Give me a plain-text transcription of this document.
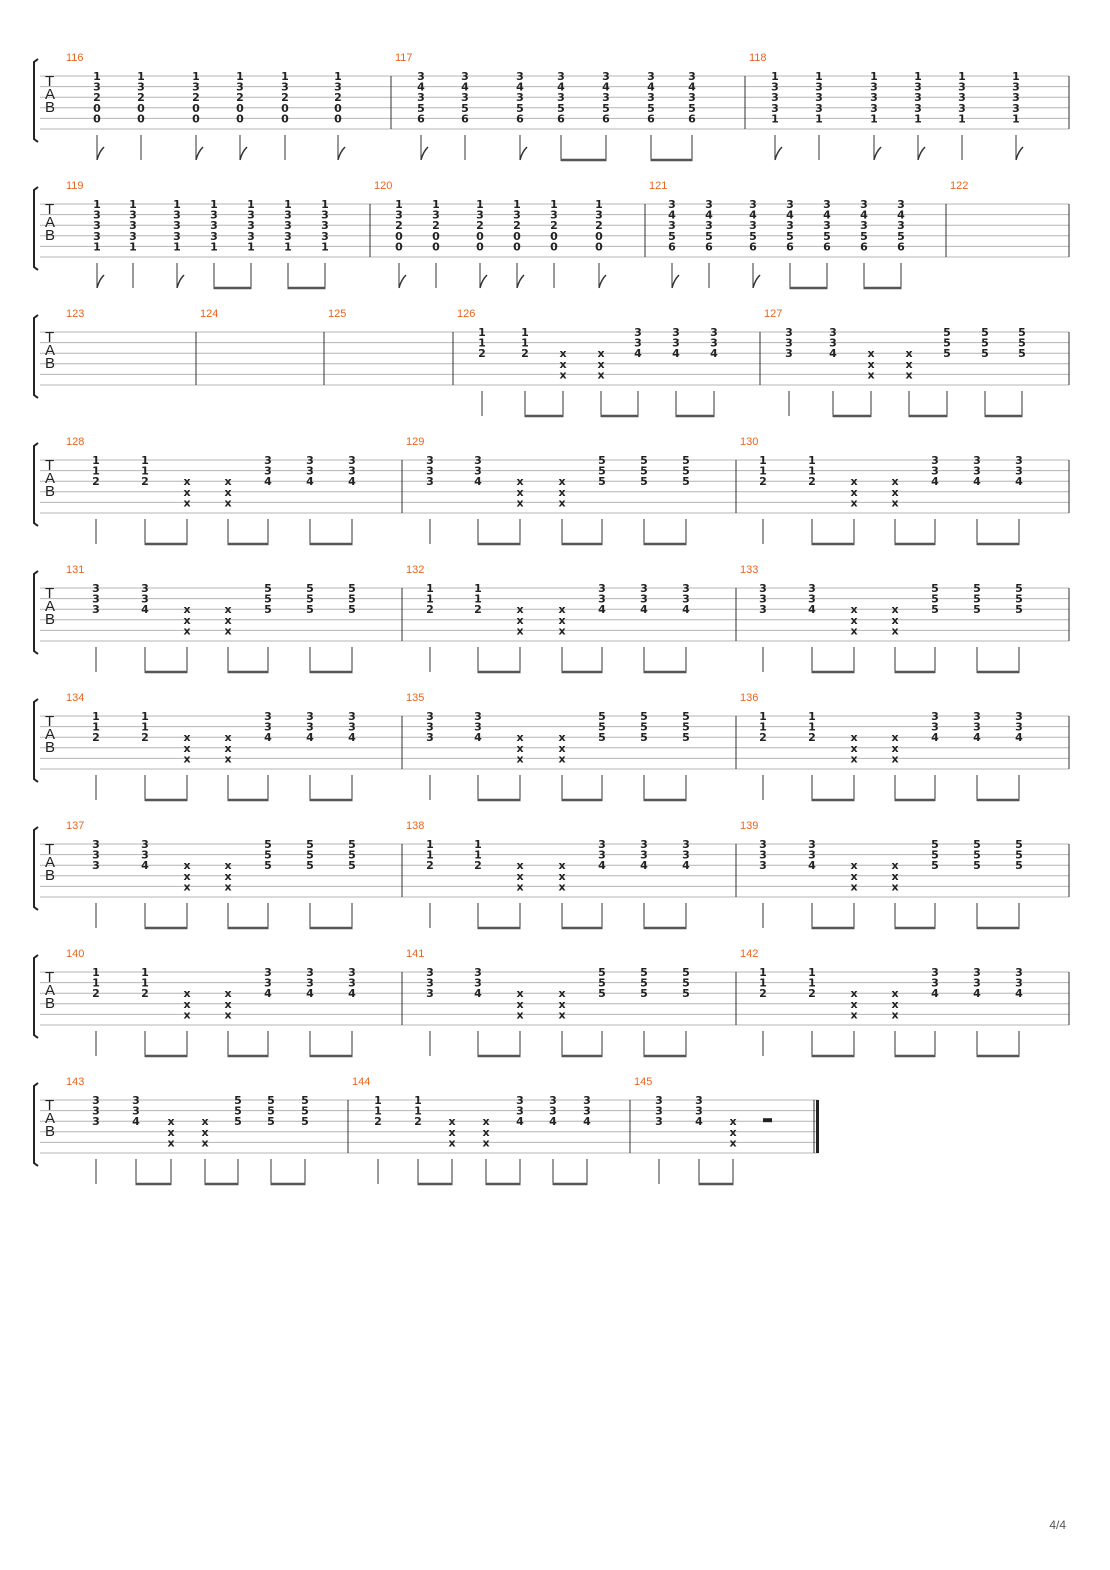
T
A
B
116
1
3
2
0
0
1
3
2
0
0
1
3
2
0
0
1
3
2
0
0
1
3
2
0
0
1
3
2
0
0
117
3
4
3
5
6
3
4
3
5
6
3
4
3
5
6
3
4
3
5
6
3
4
3
5
6
3
4
3
5
6
3
4
3
5
6
118
1
3
3
3
1
1
3
3
3
1
1
3
3
3
1
1
3
3
3
1
1
3
3
3
1
1
3
3
3
1
T
A
B
119
1
3
3
3
1
1
3
3
3
1
1
3
3
3
1
1
3
3
3
1
1
3
3
3
1
1
3
3
3
1
1
3
3
3
1
120
1
3
2
0
0
1
3
2
0
0
1
3
2
0
0
1
3
2
0
0
1
3
2
0
0
1
3
2
0
0
121
3
4
3
5
6
3
4
3
5
6
3
4
3
5
6
3
4
3
5
6
3
4
3
5
6
3
4
3
5
6
3
4
3
5
6
122
T
A
B
123	124	125	126
1
1
2
1
1
2	x
x
x
x
x
x
3
3
4
3
3
4
3
3
4
127
3
3
3
3
3
4	x
x
x
x
x
x
5
5
5
5
5
5
5
5
5
T
A
B
128
1
1
2
1
1
2	x
x
x
x
x
x
3
3
4
3
3
4
3
3
4
129
3
3
3
3
3
4	x
x
x
x
x
x
5
5
5
5
5
5
5
5
5
130
1
1
2
1
1
2	x
x
x
x
x
x
3
3
4
3
3
4
3
3
4
T
A
B
131
3
3
3
3
3
4	x
x
x
x
x
x
5
5
5
5
5
5
5
5
5
132
1
1
2
1
1
2	x
x
x
x
x
x
3
3
4
3
3
4
3
3
4
133
3
3
3
3
3
4	x
x
x
x
x
x
5
5
5
5
5
5
5
5
5
T
A
B
134
1
1
2
1
1
2	x
x
x
x
x
x
3
3
4
3
3
4
3
3
4
135
3
3
3
3
3
4	x
x
x
x
x
x
5
5
5
5
5
5
5
5
5
136
1
1
2
1
1
2	x
x
x
x
x
x
3
3
4
3
3
4
3
3
4
T
A
B
137
3
3
3
3
3
4	x
x
x
x
x
x
5
5
5
5
5
5
5
5
5
138
1
1
2
1
1
2	x
x
x
x
x
x
3
3
4
3
3
4
3
3
4
139
3
3
3
3
3
4	x
x
x
x
x
x
5
5
5
5
5
5
5
5
5
T
A
B
140
1
1
2
1
1
2	x
x
x
x
x
x
3
3
4
3
3
4
3
3
4
141
3
3
3
3
3
4	x
x
x
x
x
x
5
5
5
5
5
5
5
5
5
142
1
1
2
1
1
2	x
x
x
x
x
x
3
3
4
3
3
4
3
3
4
T
A
B
143
3
3
3
3
3
4	x
x
x
x
x
x
5
5
5
5
5
5
5
5
5
144
1
1
2
1
1
2 x
x
x
x
x
x
3
3
4
3
3
4
3
3
4
145
3
3
3
3
3
4 x
x
x
4/4
